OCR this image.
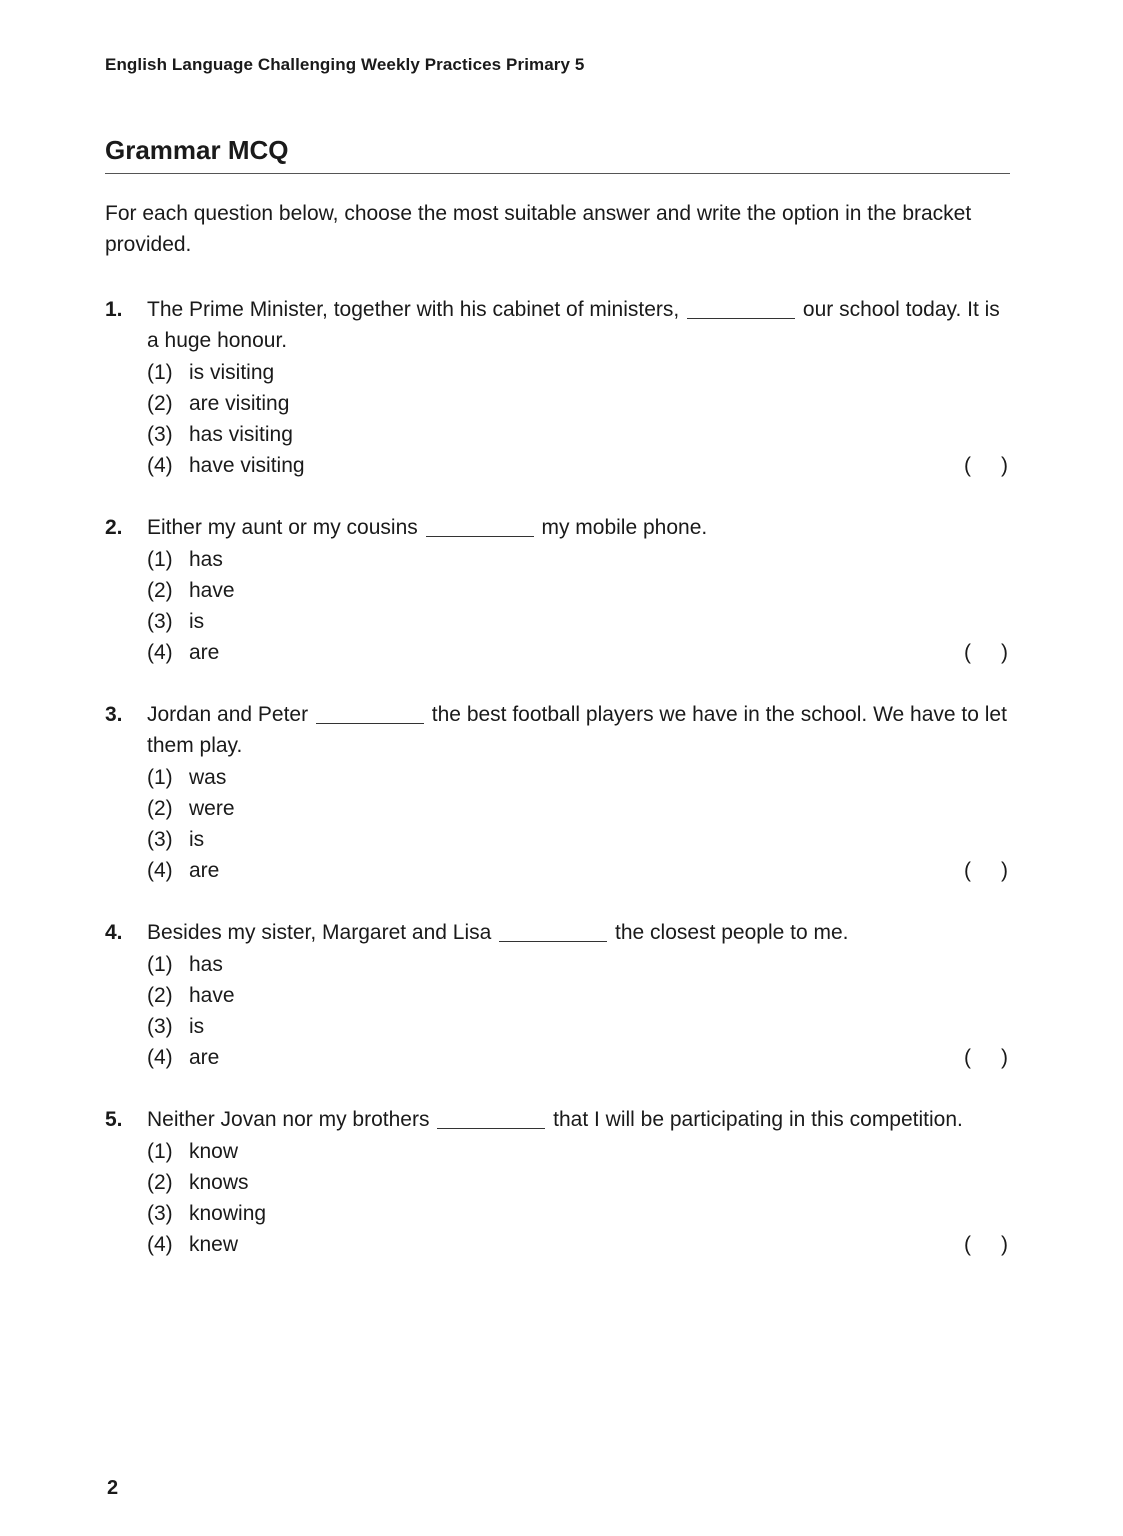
English Language Challenging Weekly Practices Primary 5
Grammar MCQ

For each question below, choose the most suitable answer and write the option in the bracket provided.

1.	The Prime Minister, together with his cabinet of ministers,	our school today. It is a huge honour.

(1) is visiting
(2) are visiting
(3) has visiting
(4) have visiting	( )
2.	Either my aunt or my cousins	my mobile phone.

(1) has
(2) have
(3) is
(4) are	( )
3.	Jordan and Peter	the best football players we have in the school. We have to let them play.

(1) was
(2) were
(3) is
(4) are	( )
4.	Besides my sister, Margaret and Lisa	the closest people to me.

(1) has
(2) have
(3) is
(4) are	( )
5.	Neither Jovan nor my brothers	that I will be participating in this competition.

(1) know
(2) knows
(3) knowing
(4) knew	( )
2
